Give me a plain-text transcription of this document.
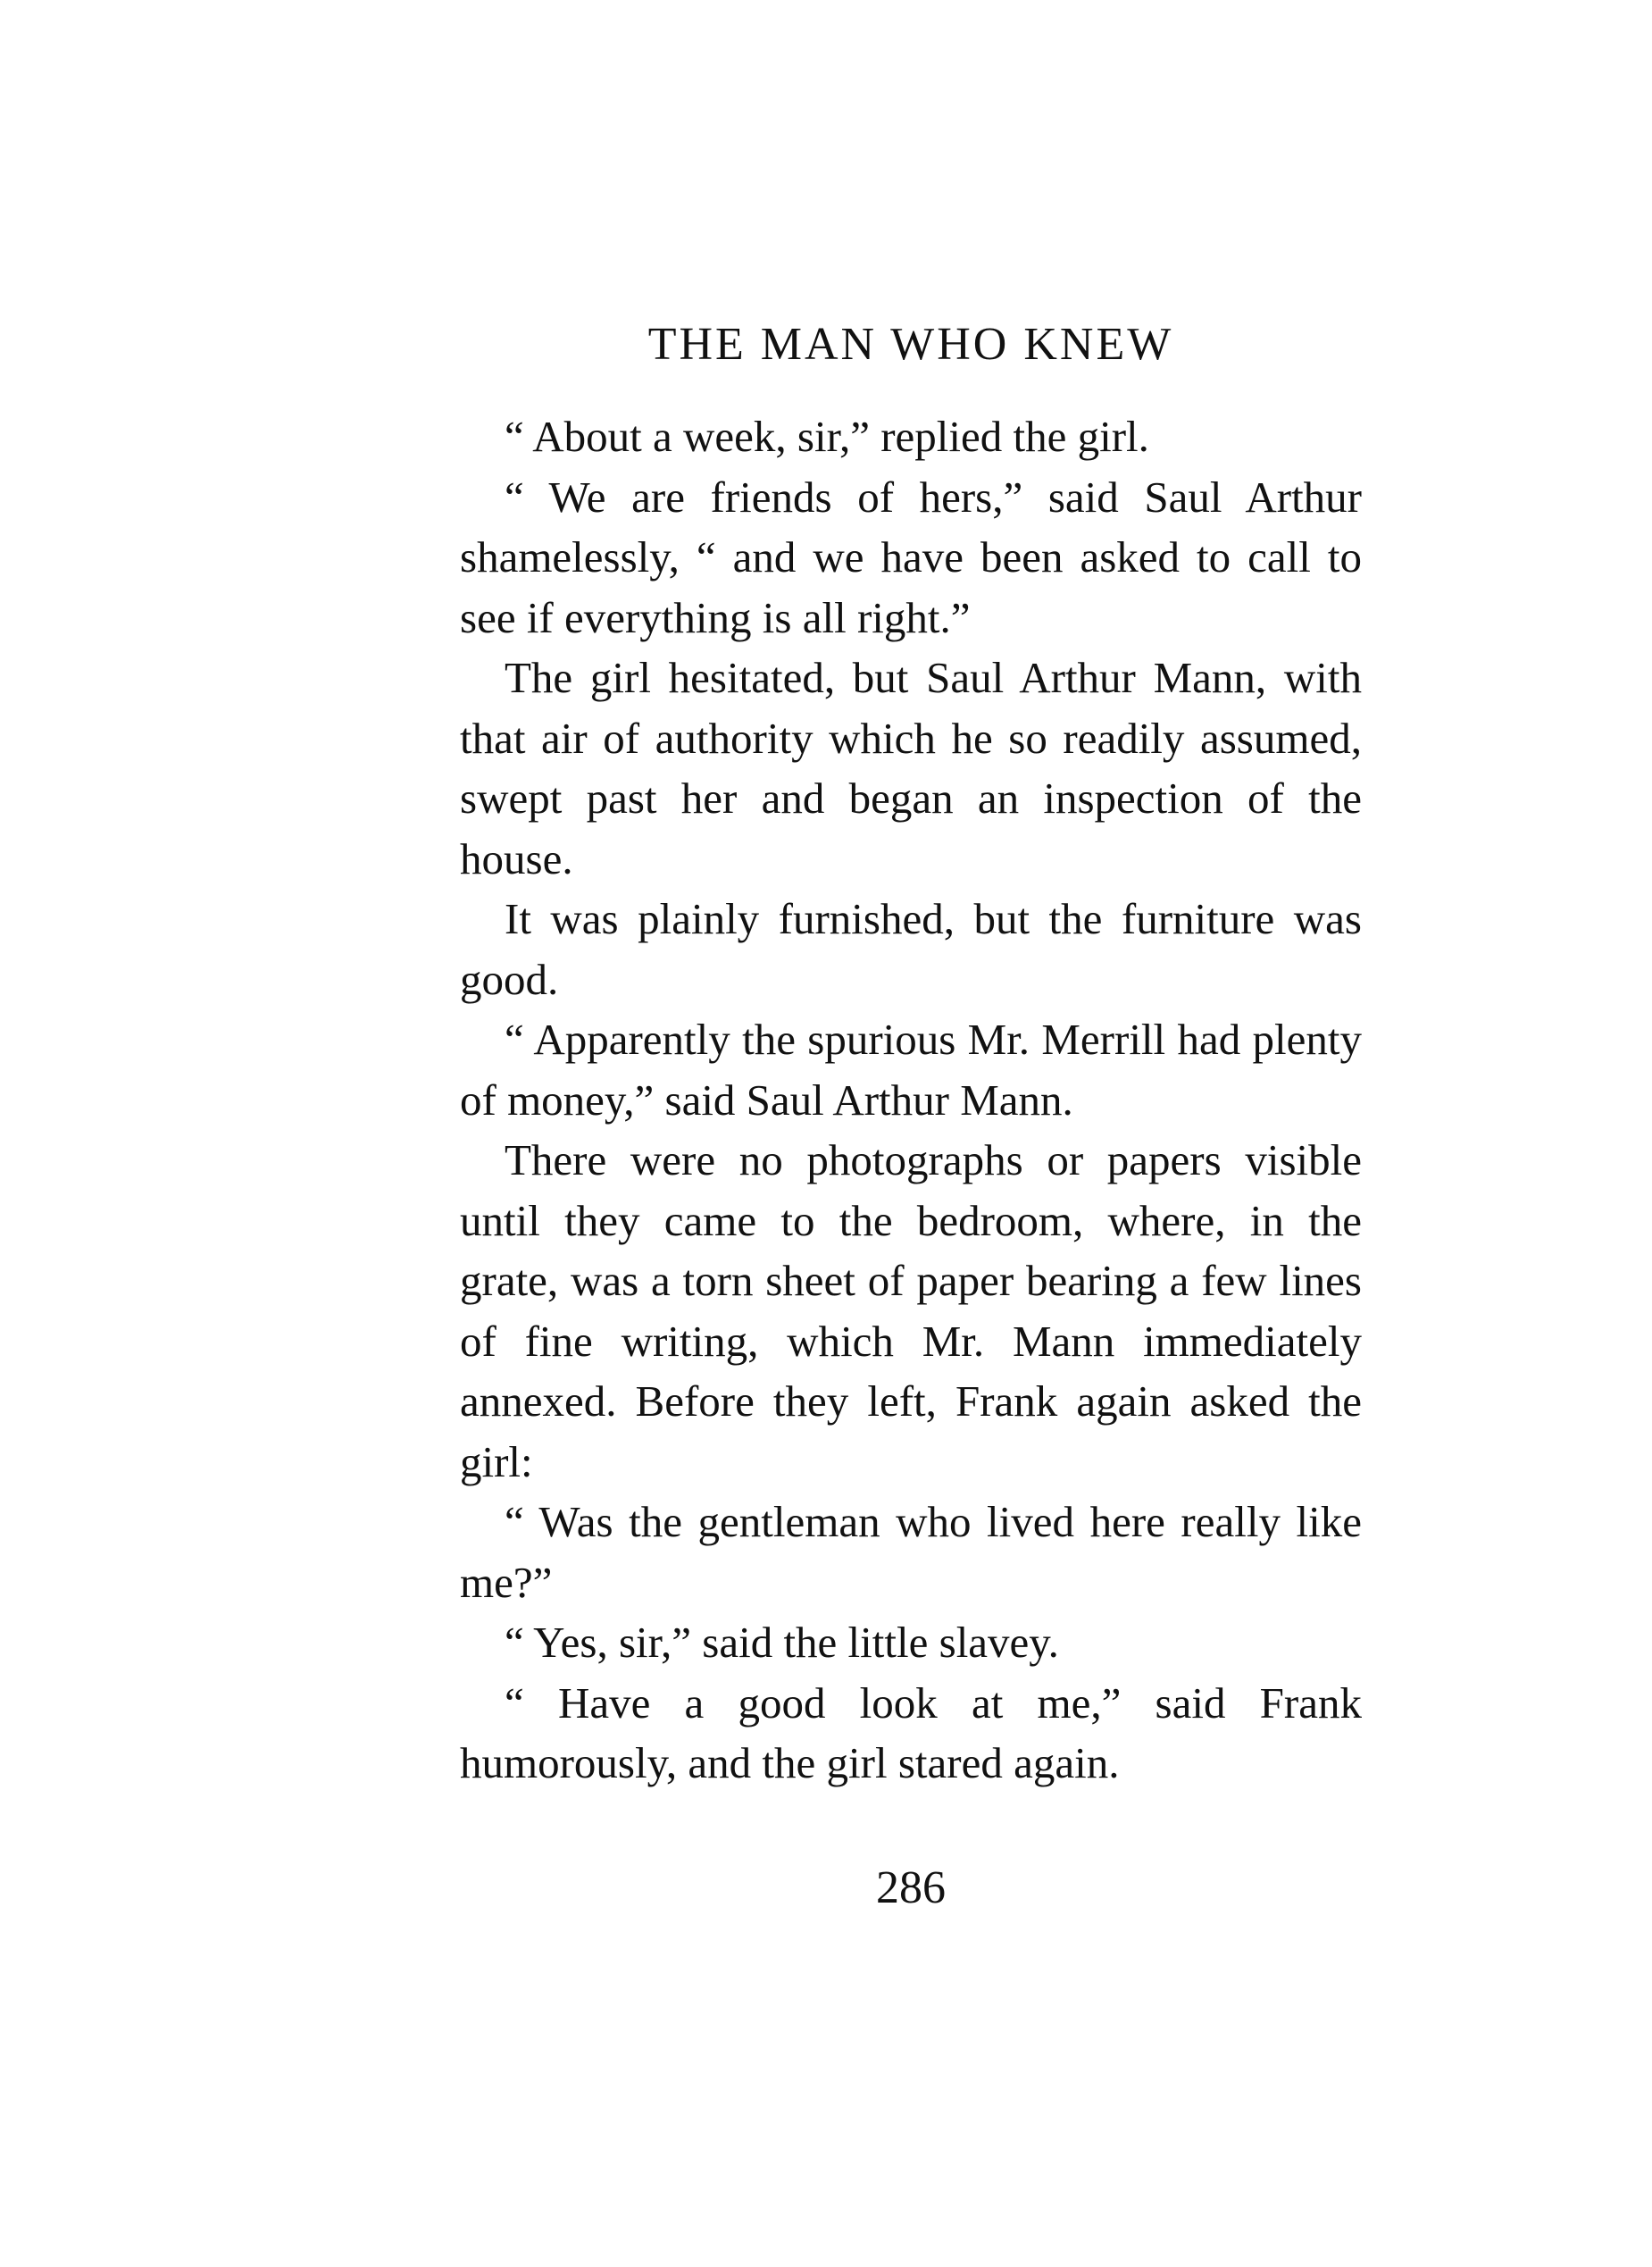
THE MAN WHO KNEW

“ About a week, sir,” replied the girl.

“ We are friends of hers,” said Saul Arthur shamelessly, “ and we have been asked to call to see if everything is all right.”

The girl hesitated, but Saul Arthur Mann, with that air of authority which he so readily assumed, swept past her and began an inspection of the house.

It was plainly furnished, but the furniture was good.

“ Apparently the spurious Mr. Merrill had plenty of money,” said Saul Arthur Mann.

There were no photographs or papers visible until they came to the bedroom, where, in the grate, was a torn sheet of paper bearing a few lines of fine writing, which Mr. Mann immediately annexed. Before they left, Frank again asked the girl:

“ Was the gentleman who lived here really like me?”

“ Yes, sir,” said the little slavey.

“ Have a good look at me,” said Frank humorously, and the girl stared again.

286
